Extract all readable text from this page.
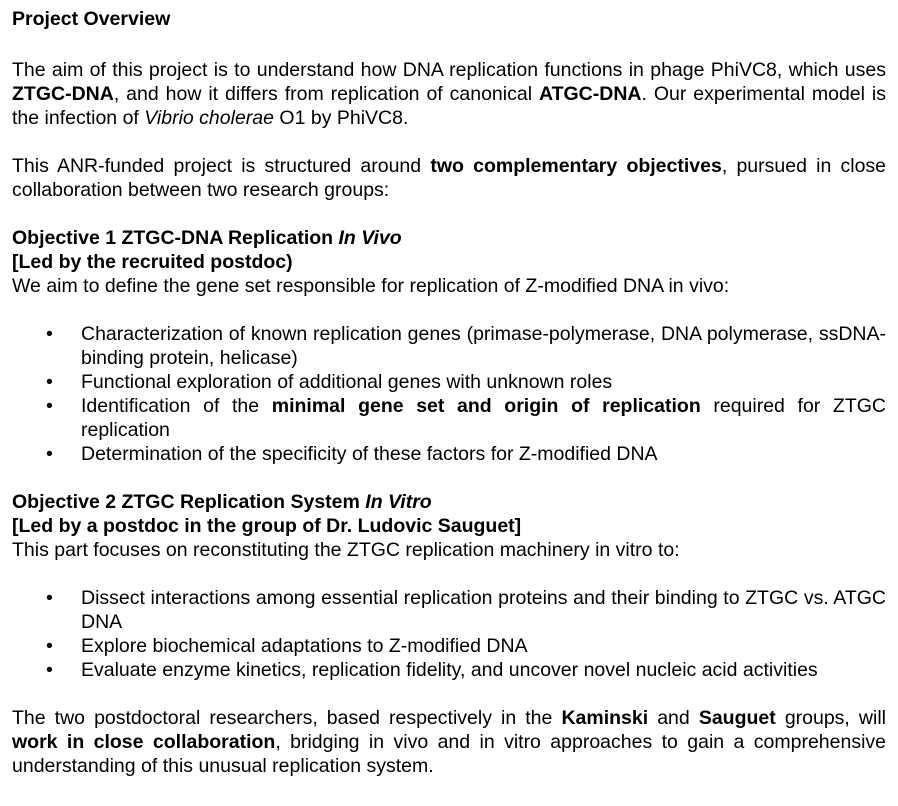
Project Overview

The aim of this project is to understand how DNA replication functions in phage PhiVC8, which uses ZTGC-DNA, and how it differs from replication of canonical ATGC-DNA. Our experimental model is the infection of Vibrio cholerae O1 by PhiVC8.

This ANR-funded project is structured around two complementary objectives, pursued in close collaboration between two research groups:

Objective 1 ZTGC-DNA Replication In Vivo

[Led by the recruited postdoc)

We aim to define the gene set responsible for replication of Z-modified DNA in vivo:

• Characterization of known replication genes (primase-polymerase, DNA polymerase, ssDNA-binding protein, helicase)
• Functional exploration of additional genes with unknown roles
• Identification of the minimal gene set and origin of replication required for ZTGC replication
• Determination of the specificity of these factors for Z-modified DNA

Objective 2 ZTGC Replication System In Vitro

[Led by a postdoc in the group of Dr. Ludovic Sauguet]

This part focuses on reconstituting the ZTGC replication machinery in vitro to:

• Dissect interactions among essential replication proteins and their binding to ZTGC vs. ATGC DNA
• Explore biochemical adaptations to Z-modified DNA
• Evaluate enzyme kinetics, replication fidelity, and uncover novel nucleic acid activities

The two postdoctoral researchers, based respectively in the Kaminski and Sauguet groups, will work in close collaboration, bridging in vivo and in vitro approaches to gain a comprehensive understanding of this unusual replication system.
